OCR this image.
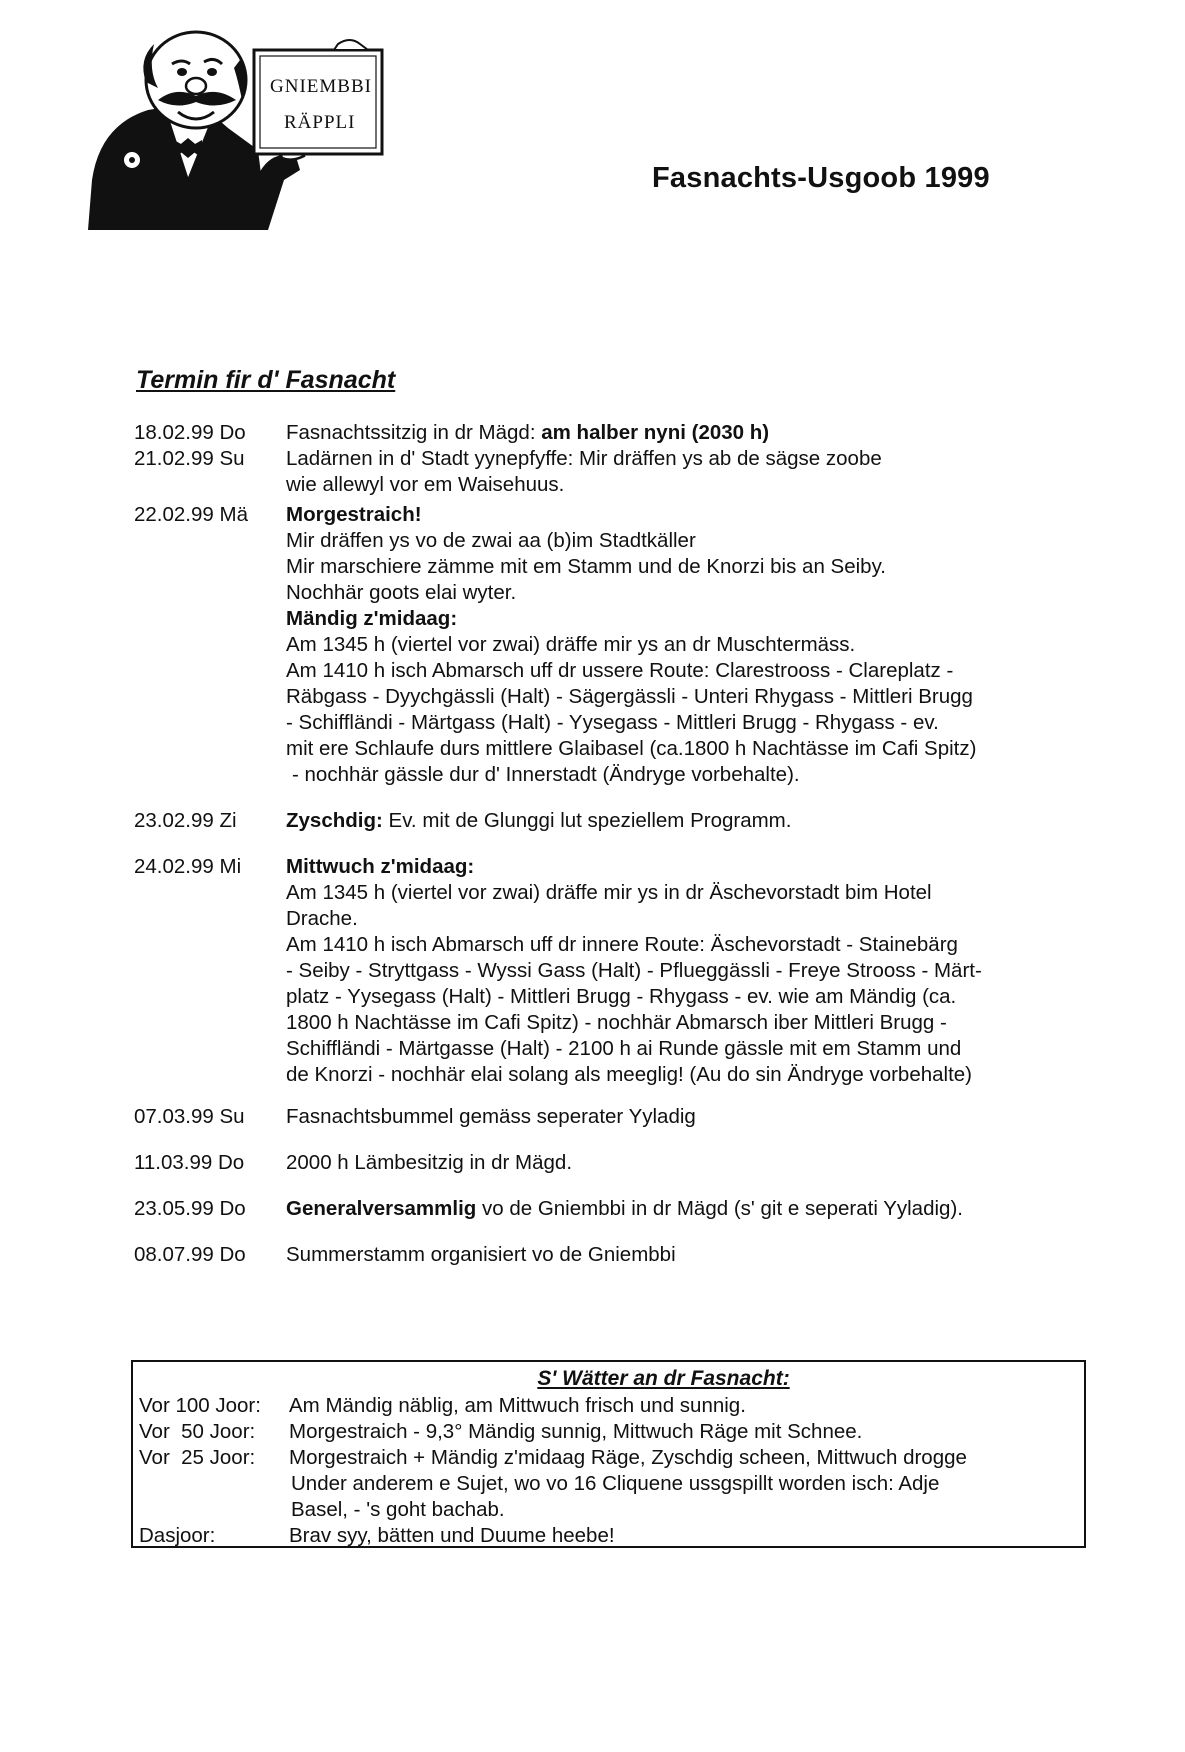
GNIEMBBI
RÄPPLI
Fasnachts-Usgoob 1999
Termin fir d' Fasnacht
18.02.99 Do	Fasnachtssitzig in dr Mägd: am halber nyni (2030 h)
21.02.99 Su	Ladärnen in d' Stadt yynepfyffe: Mir dräffen ys ab de sägse zoobe
wie allewyl vor em Waisehuus.
22.02.99 Mä	Morgestraich!
Mir dräffen ys vo de zwai aa (b)im Stadtkäller
Mir marschiere zämme mit em Stamm und de Knorzi bis an Seiby.
Nochhär goots elai wyter.
Mändig z'midaag:
Am 1345 h (viertel vor zwai) dräffe mir ys an dr Muschtermäss.
Am 1410 h isch Abmarsch uff dr ussere Route: Clarestrooss - Clareplatz -
Räbgass - Dyychgässli (Halt) - Sägergässli - Unteri Rhygass - Mittleri Brugg
- Schiffländi - Märtgass (Halt) - Yysegass - Mittleri Brugg - Rhygass - ev.
mit ere Schlaufe durs mittlere Glaibasel (ca.1800 h Nachtässe im Cafi Spitz)
- nochhär gässle dur d' Innerstadt (Ändryge vorbehalte).
23.02.99 Zi	Zyschdig: Ev. mit de Glunggi lut speziellem Programm.
24.02.99 Mi	Mittwuch z'midaag:
Am 1345 h (viertel vor zwai) dräffe mir ys in dr Äschevorstadt bim Hotel
Drache.
Am 1410 h isch Abmarsch uff dr innere Route: Äschevorstadt - Stainebärg
- Seiby - Stryttgass - Wyssi Gass (Halt) - Pflueggässli - Freye Strooss - Märt-
platz - Yysegass (Halt) - Mittleri Brugg - Rhygass - ev. wie am Mändig (ca.
1800 h Nachtässe im Cafi Spitz) - nochhär Abmarsch iber Mittleri Brugg -
Schiffländi - Märtgasse (Halt) - 2100 h ai Runde gässle mit em Stamm und
de Knorzi - nochhär elai solang als meeglig! (Au do sin Ändryge vorbehalte)
07.03.99 Su	Fasnachtsbummel gemäss seperater Yyladig
11.03.99 Do	2000 h Lämbesitzig in dr Mägd.
23.05.99 Do	Generalversammlig vo de Gniembbi in dr Mägd (s' git e seperati Yyladig).
08.07.99 Do	Summerstamm organisiert vo de Gniembbi
S' Wätter an dr Fasnacht:
Vor 100 Joor:	Am Mändig näblig, am Mittwuch frisch und sunnig.
Vor  50 Joor:	Morgestraich - 9,3° Mändig sunnig, Mittwuch Räge mit Schnee.
Vor  25 Joor:	Morgestraich + Mändig z'midaag Räge, Zyschdig scheen, Mittwuch drogge
Under anderem e Sujet, wo vo 16 Cliquene ussgspillt worden isch: Adje
Basel, - 's goht bachab.
Dasjoor:	Brav syy, bätten und Duume heebe!
